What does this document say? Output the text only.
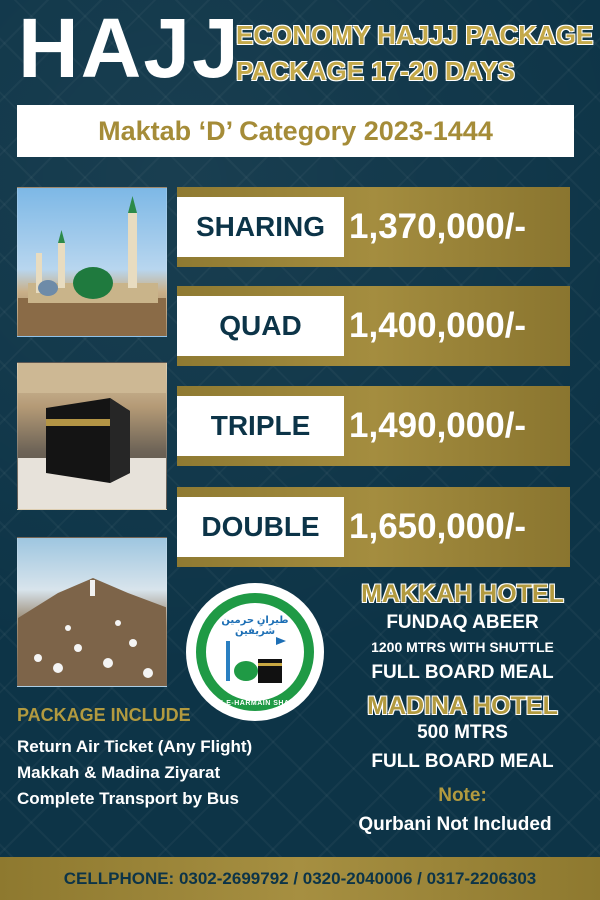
HAJJ
ECONOMY HAJJJ PACKAGE
PACKAGE 17-20 DAYS
Maktab ‘D’ Category 2023-1444
SHARING 1,370,000/-
QUAD	1,400,000/-
TRIPLE	1,490,000/-
DOUBLE 1,650,000/-
طیرانِ حرمین شریفین
TAIRAN-E-HARMAIN SHARIFAIN
MAKKAH HOTEL
FUNDAQ ABEER
1200 MTRS WITH SHUTTLE
FULL BOARD MEAL
MADINA HOTEL
500 MTRS
FULL BOARD MEAL
Note:
Qurbani Not Included
PACKAGE INCLUDE
Return Air Ticket (Any Flight)
Makkah & Madina Ziyarat
Complete Transport by Bus
CELLPHONE: 0302-2699792 / 0320-2040006 / 0317-2206303
